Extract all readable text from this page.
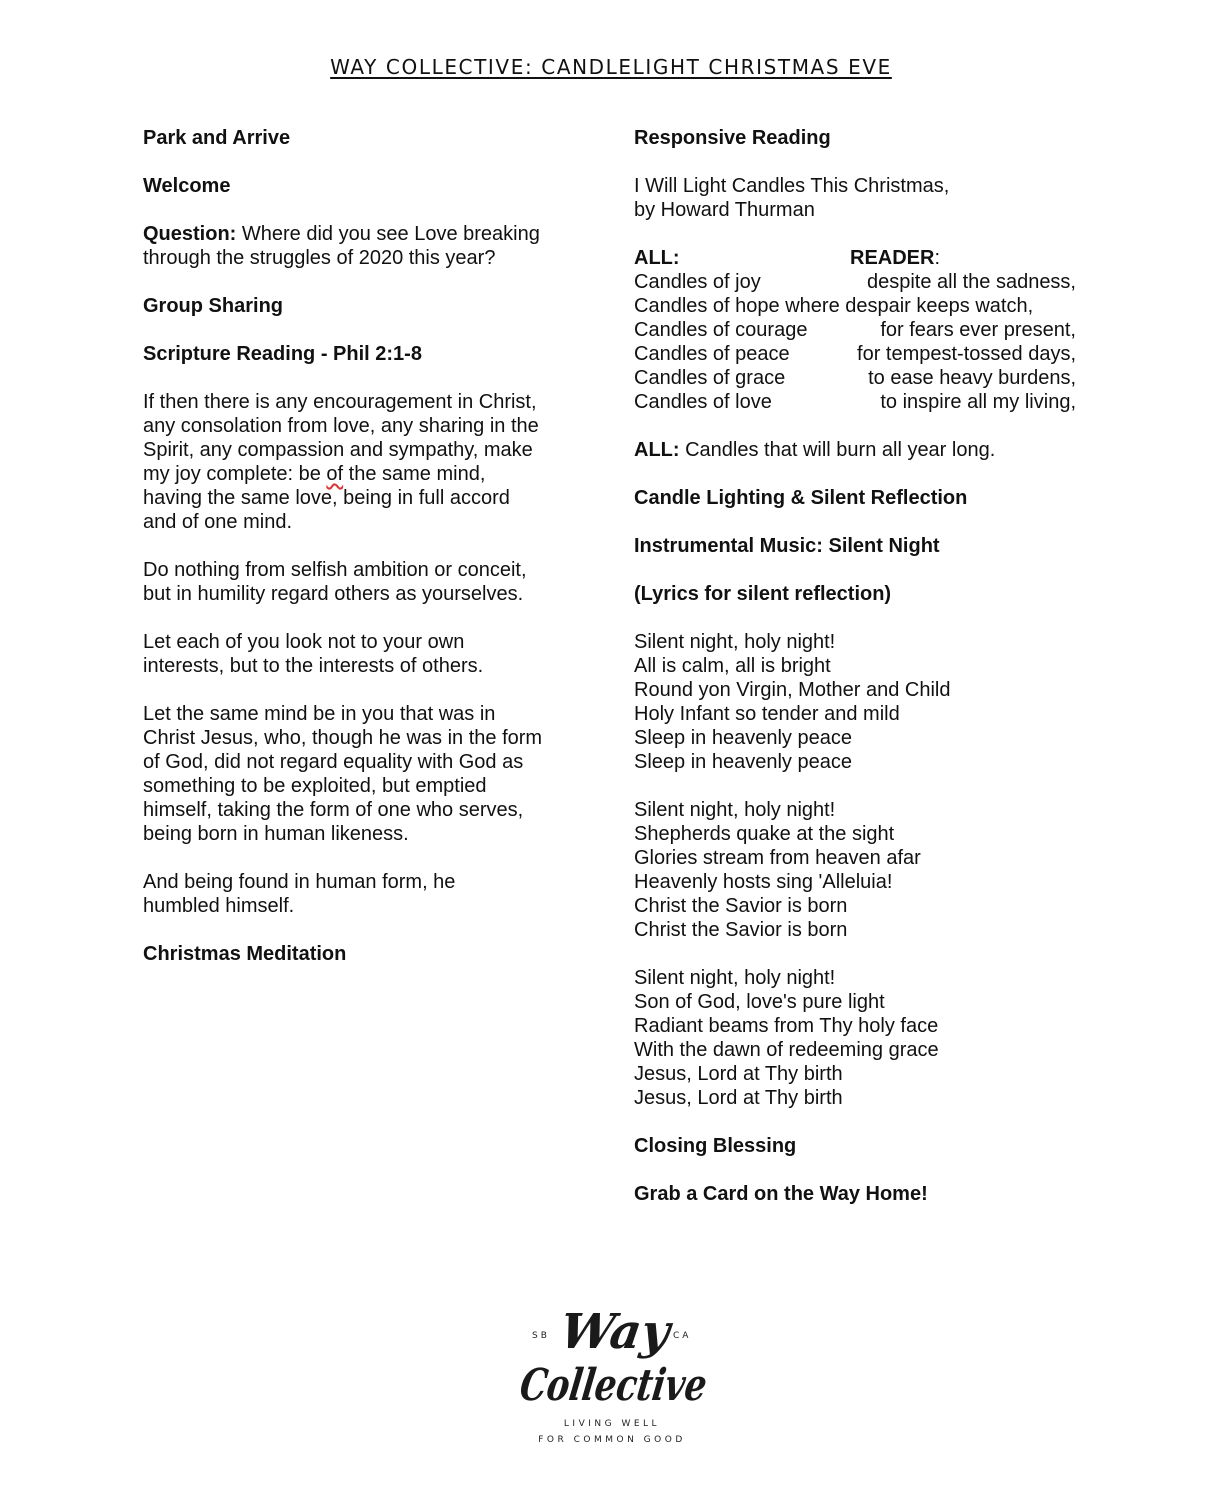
WAY COLLECTIVE: CANDLELIGHT CHRISTMAS EVE
Park and Arrive
Welcome
Question: Where did you see Love breaking
through the struggles of 2020 this year?
Group Sharing
Scripture Reading - Phil 2:1-8
If then there is any encouragement in Christ,
any consolation from love, any sharing in the
Spirit, any compassion and sympathy, make
my joy complete: be of the same mind,
having the same love, being in full accord
and of one mind.
Do nothing from selfish ambition or conceit,
but in humility regard others as yourselves.
Let each of you look not to your own
interests, but to the interests of others.
Let the same mind be in you that was in
Christ Jesus, who, though he was in the form
of God, did not regard equality with God as
something to be exploited, but emptied
himself, taking the form of one who serves,
being born in human likeness.
And being found in human form, he
humbled himself.
Christmas Meditation
Responsive Reading
I Will Light Candles This Christmas,
by Howard Thurman
ALL:	READER:
Candles of joy	despite all the sadness,
Candles of hope where despair keeps watch,
Candles of courage	for fears ever present,
Candles of peace	for tempest-tossed days,
Candles of grace	to ease heavy burdens,
Candles of love	to inspire all my living,
ALL: Candles that will burn all year long.
Candle Lighting & Silent Reflection
Instrumental Music: Silent Night
(Lyrics for silent reflection)
Silent night, holy night!
All is calm, all is bright
Round yon Virgin, Mother and Child
Holy Infant so tender and mild
Sleep in heavenly peace
Sleep in heavenly peace
Silent night, holy night!
Shepherds quake at the sight
Glories stream from heaven afar
Heavenly hosts sing 'Alleluia!
Christ the Savior is born
Christ the Savior is born
Silent night, holy night!
Son of God, love's pure light
Radiant beams from Thy holy face
With the dawn of redeeming grace
Jesus, Lord at Thy birth
Jesus, Lord at Thy birth
Closing Blessing
Grab a Card on the Way Home!
SB	CA
Way
Collective
LIVING WELL
FOR COMMON GOOD
